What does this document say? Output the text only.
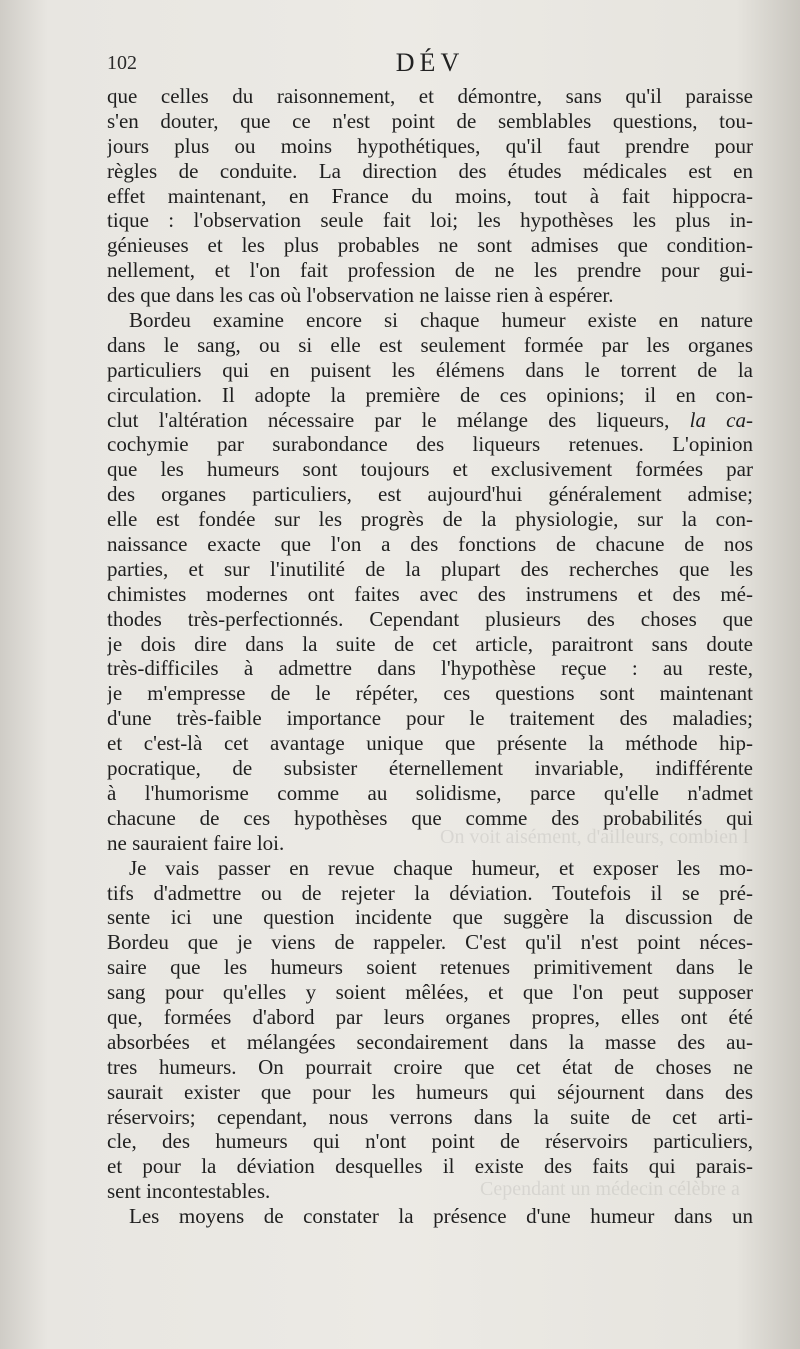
On voit aisément, d'ailleurs, combien l
Cependant un médecin célèbre a
102	DÉV
que celles du raisonnement, et démontre, sans qu'il paraisse
s'en douter, que ce n'est point de semblables questions, tou-
jours plus ou moins hypothétiques, qu'il faut prendre pour
règles de conduite. La direction des études médicales est en
effet maintenant, en France du moins, tout à fait hippocra-
tique : l'observation seule fait loi; les hypothèses les plus in-
génieuses et les plus probables ne sont admises que condition-
nellement, et l'on fait profession de ne les prendre pour gui-
des que dans les cas où l'observation ne laisse rien à espérer.
Bordeu examine encore si chaque humeur existe en nature
dans le sang, ou si elle est seulement formée par les organes
particuliers qui en puisent les élémens dans le torrent de la
circulation. Il adopte la première de ces opinions; il en con-
clut l'altération nécessaire par le mélange des liqueurs, la ca-
cochymie par surabondance des liqueurs retenues. L'opinion
que les humeurs sont toujours et exclusivement formées par
des organes particuliers, est aujourd'hui généralement admise;
elle est fondée sur les progrès de la physiologie, sur la con-
naissance exacte que l'on a des fonctions de chacune de nos
parties, et sur l'inutilité de la plupart des recherches que les
chimistes modernes ont faites avec des instrumens et des mé-
thodes très-perfectionnés. Cependant plusieurs des choses que
je dois dire dans la suite de cet article, paraitront sans doute
très-difficiles à admettre dans l'hypothèse reçue : au reste,
je m'empresse de le répéter, ces questions sont maintenant
d'une très-faible importance pour le traitement des maladies;
et c'est-là cet avantage unique que présente la méthode hip-
pocratique, de subsister éternellement invariable, indifférente
à l'humorisme comme au solidisme, parce qu'elle n'admet
chacune de ces hypothèses que comme des probabilités qui
ne sauraient faire loi.
Je vais passer en revue chaque humeur, et exposer les mo-
tifs d'admettre ou de rejeter la déviation. Toutefois il se pré-
sente ici une question incidente que suggère la discussion de
Bordeu que je viens de rappeler. C'est qu'il n'est point néces-
saire que les humeurs soient retenues primitivement dans le
sang pour qu'elles y soient mêlées, et que l'on peut supposer
que, formées d'abord par leurs organes propres, elles ont été
absorbées et mélangées secondairement dans la masse des au-
tres humeurs. On pourrait croire que cet état de choses ne
saurait exister que pour les humeurs qui séjournent dans des
réservoirs; cependant, nous verrons dans la suite de cet arti-
cle, des humeurs qui n'ont point de réservoirs particuliers,
et pour la déviation desquelles il existe des faits qui parais-
sent incontestables.
Les moyens de constater la présence d'une humeur dans un
